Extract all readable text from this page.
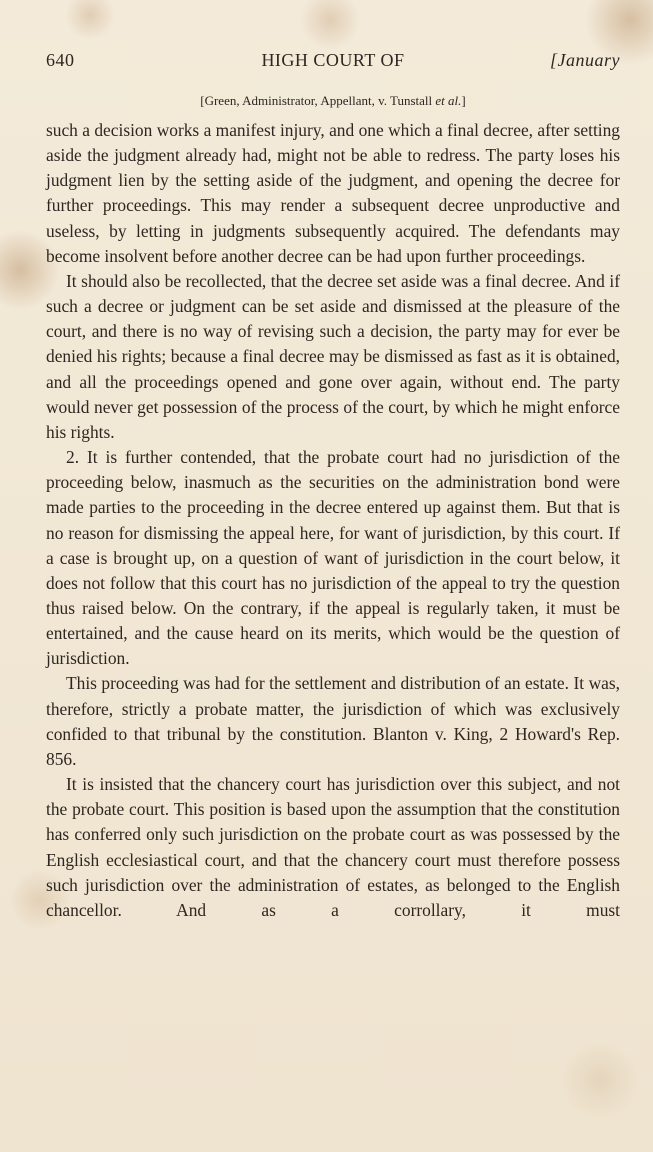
640	HIGH COURT OF	[January
[Green, Administrator, Appellant, v. Tunstall et al.]

such a decision works a manifest injury, and one which a final decree, after setting aside the judgment already had, might not be able to redress. The party loses his judgment lien by the setting aside of the judgment, and opening the decree for further proceedings. This may render a subsequent decree unproductive and useless, by letting in judgments subsequently acquired. The defendants may become insolvent before another decree can be had upon further proceedings.

It should also be recollected, that the decree set aside was a final decree. And if such a decree or judgment can be set aside and dismissed at the pleasure of the court, and there is no way of revising such a decision, the party may for ever be denied his rights; because a final decree may be dismissed as fast as it is obtained, and all the proceedings opened and gone over again, without end. The party would never get possession of the process of the court, by which he might enforce his rights.

2. It is further contended, that the probate court had no jurisdiction of the proceeding below, inasmuch as the securities on the administration bond were made parties to the proceeding in the decree entered up against them. But that is no reason for dismissing the appeal here, for want of jurisdiction, by this court. If a case is brought up, on a question of want of jurisdiction in the court below, it does not follow that this court has no jurisdiction of the appeal to try the question thus raised below. On the contrary, if the appeal is regularly taken, it must be entertained, and the cause heard on its merits, which would be the question of jurisdiction.

This proceeding was had for the settlement and distribution of an estate. It was, therefore, strictly a probate matter, the jurisdiction of which was exclusively confided to that tribunal by the constitution. Blanton v. King, 2 Howard's Rep. 856.

It is insisted that the chancery court has jurisdiction over this subject, and not the probate court. This position is based upon the assumption that the constitution has conferred only such jurisdiction on the probate court as was possessed by the English ecclesiastical court, and that the chancery court must therefore possess such jurisdiction over the administration of estates, as belonged to the English chancellor. And as a corrollary, it must
